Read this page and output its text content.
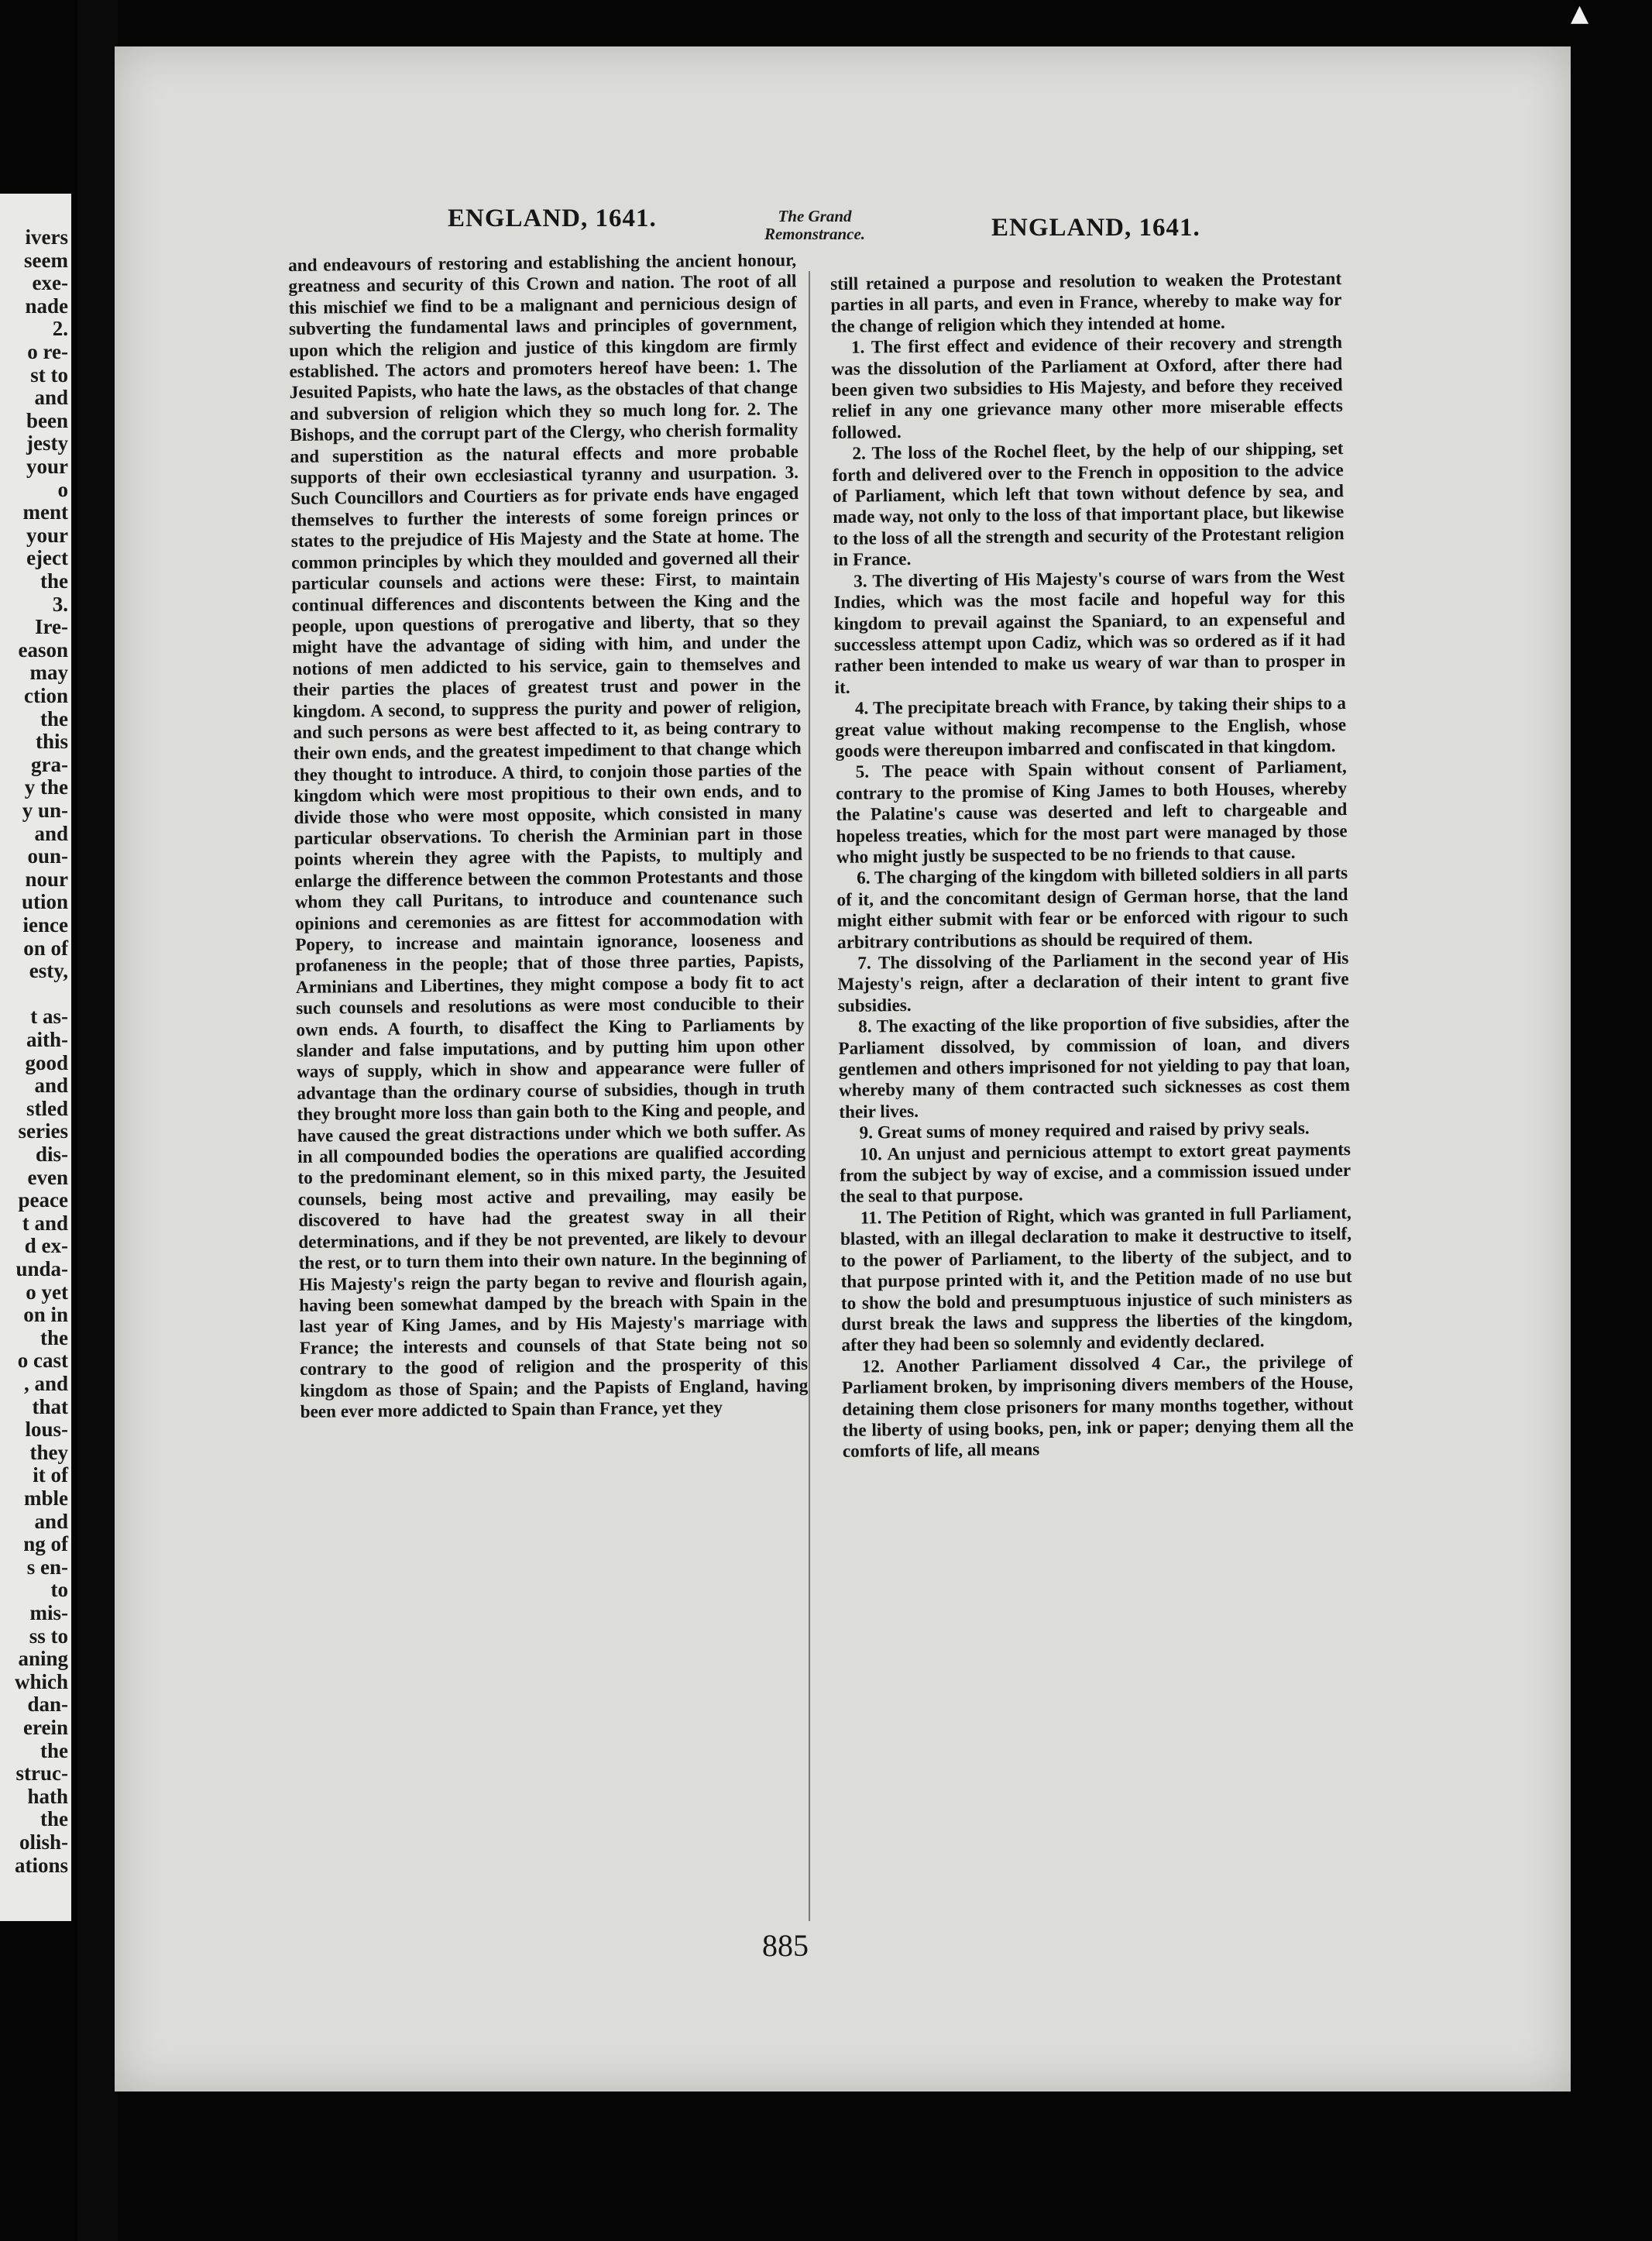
ivers
seem
exe-
nade
2.
o re-
st to
and
been
jesty
your
o
ment
your
eject
the
3.
Ire-
eason
may
ction
the
this
gra-
y the
y un-
and
oun-
nour
ution
ience
on of
esty,
t as-
aith-
good
and
stled
series
dis-
even
peace
t and
d ex-
unda-
o yet
on in
the
o cast
, and
that
lous-
they
it of
mble
and
ng of
s en-
to
mis-
ss to
aning
which
dan-
erein
the
struc-
hath
the
olish-
ations
▲
ENGLAND, 1641.	The Grand
Remonstrance.	ENGLAND, 1641.

and endeavours of restoring and establishing the ancient honour, greatness and security of this Crown and nation. The root of all this mischief we find to be a malignant and pernicious design of subverting the fundamental laws and principles of government, upon which the religion and justice of this kingdom are firmly established. The actors and promoters hereof have been: 1. The Jesuited Papists, who hate the laws, as the obstacles of that change and subversion of religion which they so much long for. 2. The Bishops, and the corrupt part of the Clergy, who cherish formality and superstition as the natural effects and more probable supports of their own ecclesiastical tyranny and usurpation. 3. Such Councillors and Courtiers as for private ends have engaged themselves to further the interests of some foreign princes or states to the prejudice of His Majesty and the State at home. The common principles by which they moulded and governed all their particular counsels and actions were these: First, to maintain continual differences and discontents between the King and the people, upon questions of prerogative and liberty, that so they might have the advantage of siding with him, and under the notions of men addicted to his service, gain to themselves and their parties the places of greatest trust and power in the kingdom. A second, to suppress the purity and power of religion, and such persons as were best affected to it, as being contrary to their own ends, and the greatest impediment to that change which they thought to introduce. A third, to conjoin those parties of the kingdom which were most propitious to their own ends, and to divide those who were most opposite, which consisted in many particular observations. To cherish the Arminian part in those points wherein they agree with the Papists, to multiply and enlarge the difference between the common Protestants and those whom they call Puritans, to introduce and countenance such opinions and ceremonies as are fittest for accommodation with Popery, to increase and maintain ignorance, looseness and profaneness in the people; that of those three parties, Papists, Arminians and Libertines, they might compose a body fit to act such counsels and resolutions as were most conducible to their own ends. A fourth, to disaffect the King to Parliaments by slander and false imputations, and by putting him upon other ways of supply, which in show and appearance were fuller of advantage than the ordinary course of subsidies, though in truth they brought more loss than gain both to the King and people, and have caused the great distractions under which we both suffer. As in all compounded bodies the operations are qualified according to the predominant element, so in this mixed party, the Jesuited counsels, being most active and prevailing, may easily be discovered to have had the greatest sway in all their determinations, and if they be not prevented, are likely to devour the rest, or to turn them into their own nature. In the beginning of His Majesty's reign the party began to revive and flourish again, having been somewhat damped by the breach with Spain in the last year of King James, and by His Majesty's marriage with France; the interests and counsels of that State being not so contrary to the good of religion and the prosperity of this kingdom as those of Spain; and the Papists of England, having been ever more addicted to Spain than France, yet they

still retained a purpose and resolution to weaken the Protestant parties in all parts, and even in France, whereby to make way for the change of religion which they intended at home.

1. The first effect and evidence of their recovery and strength was the dissolution of the Parliament at Oxford, after there had been given two subsidies to His Majesty, and before they received relief in any one grievance many other more miserable effects followed.

2. The loss of the Rochel fleet, by the help of our shipping, set forth and delivered over to the French in opposition to the advice of Parliament, which left that town without defence by sea, and made way, not only to the loss of that important place, but likewise to the loss of all the strength and security of the Protestant religion in France.

3. The diverting of His Majesty's course of wars from the West Indies, which was the most facile and hopeful way for this kingdom to prevail against the Spaniard, to an expenseful and successless attempt upon Cadiz, which was so ordered as if it had rather been intended to make us weary of war than to prosper in it.

4. The precipitate breach with France, by taking their ships to a great value without making recompense to the English, whose goods were thereupon imbarred and confiscated in that kingdom.

5. The peace with Spain without consent of Parliament, contrary to the promise of King James to both Houses, whereby the Palatine's cause was deserted and left to chargeable and hopeless treaties, which for the most part were managed by those who might justly be suspected to be no friends to that cause.

6. The charging of the kingdom with billeted soldiers in all parts of it, and the concomitant design of German horse, that the land might either submit with fear or be enforced with rigour to such arbitrary contributions as should be required of them.

7. The dissolving of the Parliament in the second year of His Majesty's reign, after a declaration of their intent to grant five subsidies.

8. The exacting of the like proportion of five subsidies, after the Parliament dissolved, by commission of loan, and divers gentlemen and others imprisoned for not yielding to pay that loan, whereby many of them contracted such sicknesses as cost them their lives.

9. Great sums of money required and raised by privy seals.

10. An unjust and pernicious attempt to extort great payments from the subject by way of excise, and a commission issued under the seal to that purpose.

11. The Petition of Right, which was granted in full Parliament, blasted, with an illegal declaration to make it destructive to itself, to the power of Parliament, to the liberty of the subject, and to that purpose printed with it, and the Petition made of no use but to show the bold and presumptuous injustice of such ministers as durst break the laws and suppress the liberties of the kingdom, after they had been so solemnly and evidently declared.

12. Another Parliament dissolved 4 Car., the privilege of Parliament broken, by imprisoning divers members of the House, detaining them close prisoners for many months together, without the liberty of using books, pen, ink or paper; denying them all the comforts of life, all means

885
